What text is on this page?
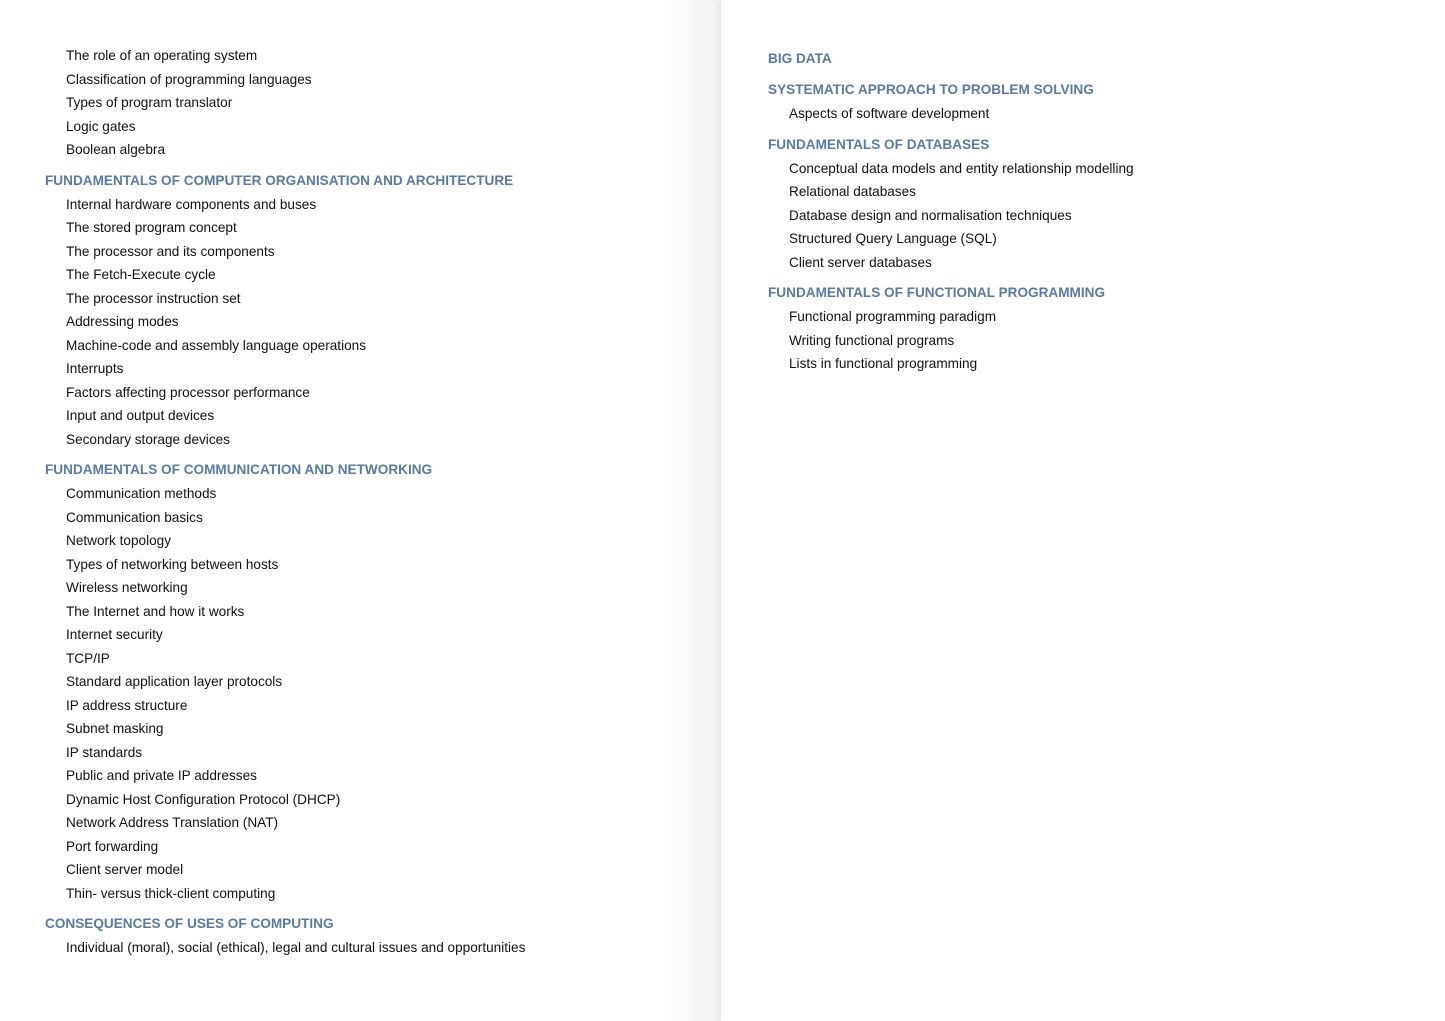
The role of an operating system
Classification of programming languages
Types of program translator
Logic gates
Boolean algebra
FUNDAMENTALS OF COMPUTER ORGANISATION AND ARCHITECTURE
Internal hardware components and buses
The stored program concept
The processor and its components
The Fetch-Execute cycle
The processor instruction set
Addressing modes
Machine-code and assembly language operations
Interrupts
Factors affecting processor performance
Input and output devices
Secondary storage devices
FUNDAMENTALS OF COMMUNICATION AND NETWORKING
Communication methods
Communication basics
Network topology
Types of networking between hosts
Wireless networking
The Internet and how it works
Internet security
TCP/IP
Standard application layer protocols
IP address structure
Subnet masking
IP standards
Public and private IP addresses
Dynamic Host Configuration Protocol (DHCP)
Network Address Translation (NAT)
Port forwarding
Client server model
Thin- versus thick-client computing
CONSEQUENCES OF USES OF COMPUTING
Individual (moral), social (ethical), legal and cultural issues and opportunities
BIG DATA
SYSTEMATIC APPROACH TO PROBLEM SOLVING
Aspects of software development
FUNDAMENTALS OF DATABASES
Conceptual data models and entity relationship modelling
Relational databases
Database design and normalisation techniques
Structured Query Language (SQL)
Client server databases
FUNDAMENTALS OF FUNCTIONAL PROGRAMMING
Functional programming paradigm
Writing functional programs
Lists in functional programming
